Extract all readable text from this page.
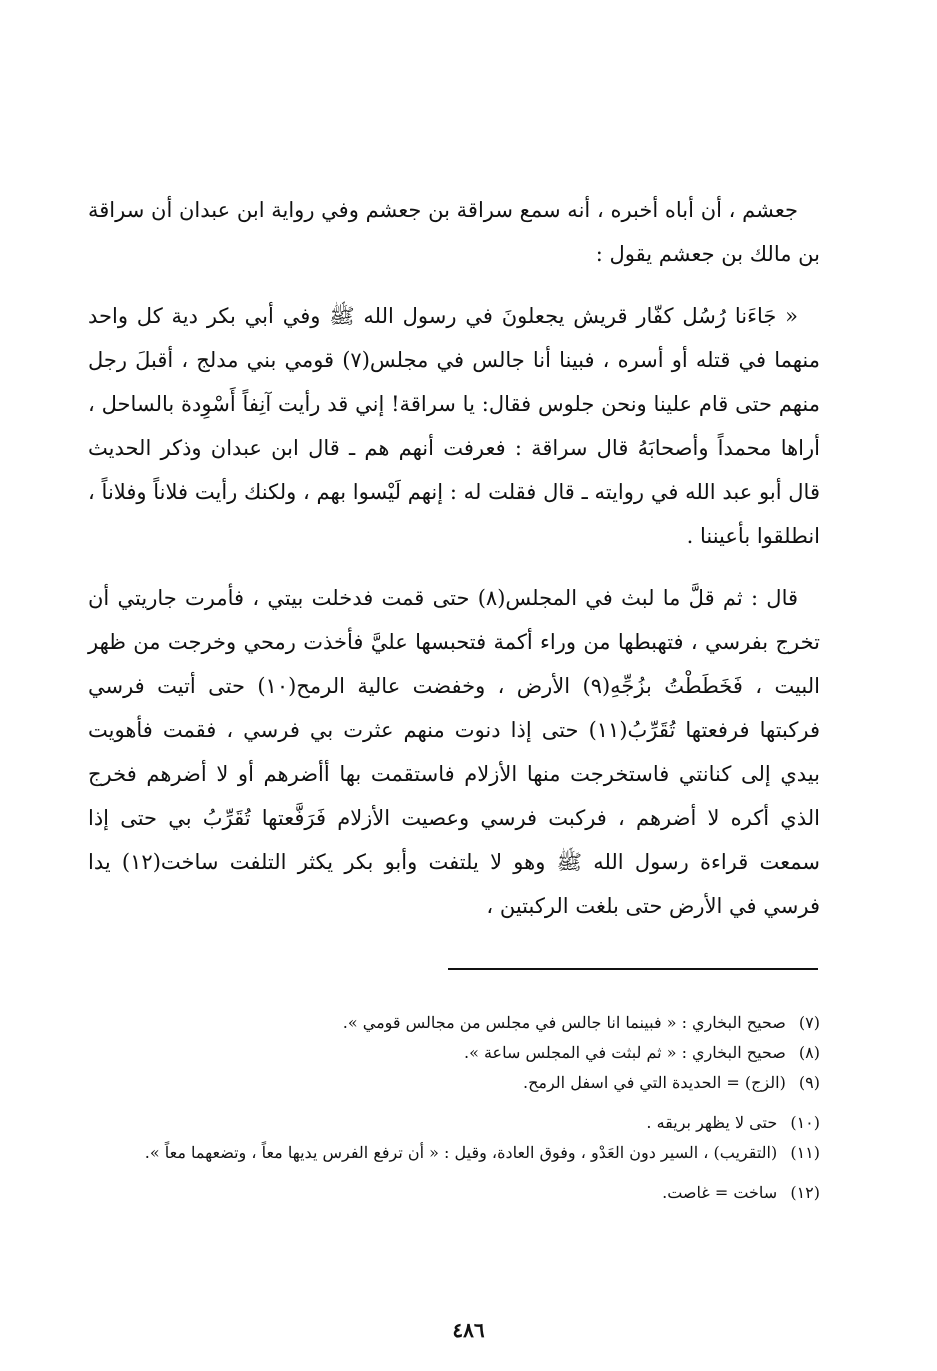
جعشم ، أن أباه أخبره ، أنه سمع سراقة بن جعشم وفي رواية ابن عبدان أن سراقة بن مالك بن جعشم يقول :

« جَاءَنا رُسُل كفّار قريش يجعلونَ في رسول الله ﷺ وفي أبي بكر دية كل واحد منهما في قتله أو أسره ، فبينا أنا جالس في مجلس(٧) قومي بني مدلج ، أقبلَ رجل منهم حتى قام علينا ونحن جلوس فقال: يا سراقة! إني قد رأيت آنِفاً أَسْوِدة بالساحل ، أراها محمداً وأصحابَهُ قال سراقة : فعرفت أنهم هم ـ قال ابن عبدان وذكر الحديث قال أبو عبد الله في روايته ـ قال فقلت له : إنهم لَيْسوا بهم ، ولكنك رأيت فلاناً وفلاناً ، انطلقوا بأعيننا .

قال : ثم قلَّ ما لبث في المجلس(٨) حتى قمت فدخلت بيتي ، فأمرت جاريتي أن تخرج بفرسي ، فتهبطها من وراء أكمة فتحبسها عليَّ فأخذت رمحي وخرجت من ظهر البيت ، فَخَطَطْتُ بزُجِّهِ(٩) الأرض ، وخفضت عالية الرمح(١٠) حتى أتيت فرسي فركبتها فرفعتها تُقَرِّبُ(١١) حتى إذا دنوت منهم عثرت بي فرسي ، فقمت فأهويت بيدي إلى كنانتي فاستخرجت منها الأزلام فاستقمت بها أأضرهم أو لا أضرهم فخرج الذي أكره لا أضرهم ، فركبت فرسي وعصيت الأزلام فَرَفَّعتها تُقَرِّبُ بي حتى إذا سمعت قراءة رسول الله ﷺ وهو لا يلتفت وأبو بكر يكثر التلفت ساخت(١٢) يدا فرسي في الأرض حتى بلغت الركبتين ،

(٧) صحيح البخاري : « فبينما انا جالس في مجلس من مجالس قومي ».

(٨) صحيح البخاري : « ثم لبثت في المجلس ساعة ».

(٩) (الزج) = الحديدة التي في اسفل الرمح.

(١٠) حتى لا يظهر بريقه .

(١١) (التقريب) ، السير دون العَدْو ، وفوق العادة، وقيل : « أن ترفع الفرس يديها معاً ، وتضعهما معاً ».

(١٢) ساخت = غاصت.

٤٨٦
